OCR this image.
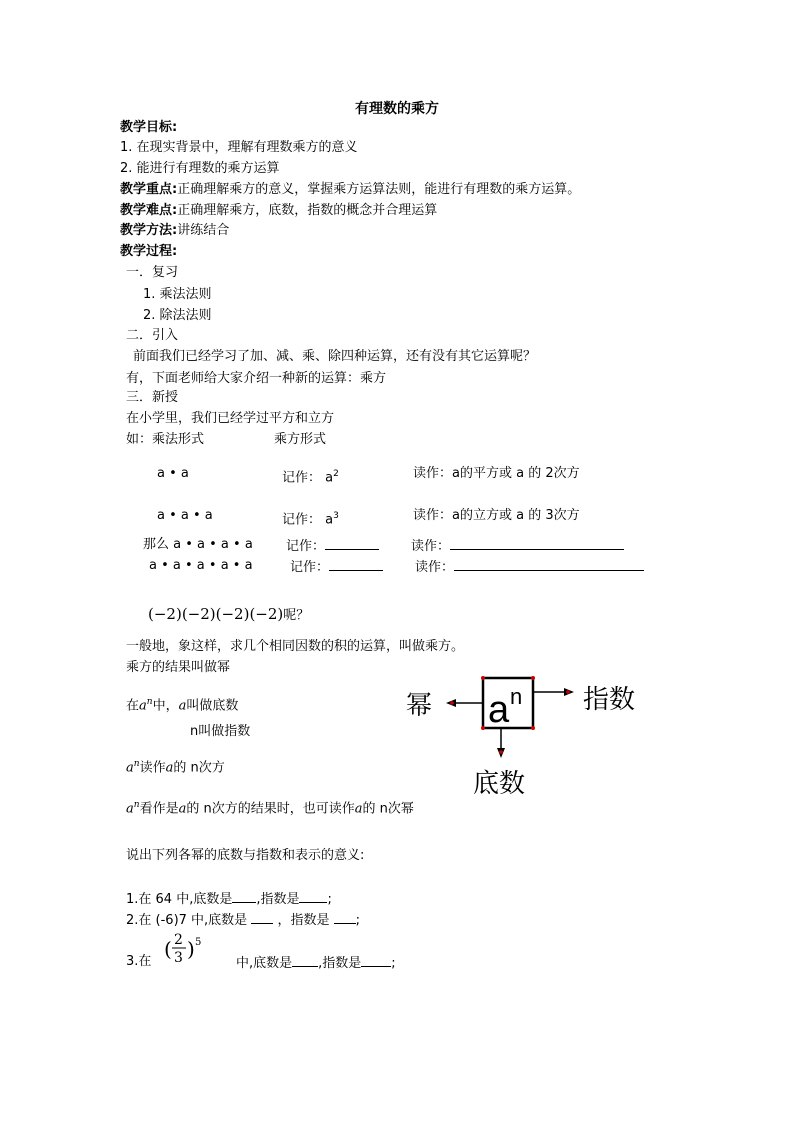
有理数的乘方
教学目标:
1. 在现实背景中，理解有理数乘方的意义
2. 能进行有理数的乘方运算
教学重点:正确理解乘方的意义，掌握乘方运算法则，能进行有理数的乘方运算。
教学难点:正确理解乘方，底数，指数的概念并合理运算
教学方法:讲练结合
教学过程:
一．复习
1. 乘法法则
2. 除法法则
二．引入
前面我们已经学习了加、减、乘、除四种运算，还有没有其它运算呢？
有，下面老师给大家介绍一种新的运算：乘方
三．新授
在小学里，我们已经学过平方和立方
如：乘法形式	乘方形式
a • a	记作： $a^2$	读作：a的平方或 a 的 2次方
a • a • a	记作： $a^3$	读作：a的立方或 a 的 3次方
那么 a • a • a • a	记作：	读作：
a • a • a • a • a	记作：	读作：
(−2)(−2)(−2)(−2)呢？
一般地，象这样，求几个相同因数的积的运算，叫做乘方。
乘方的结果叫做幂
在$a^n$中，a叫做底数
n叫做指数
$a^n$读作a的 n次方
$a^n$看作是a的 n次方的结果时，也可读作a的 n次幂
a n
幂	指数
底数
说出下列各幂的底数与指数和表示的意义:
1.在 64 中,底数是 ,指数是 ;
2.在 (-6)7 中,底数是  ，指数是 ;
3.在
( 2
3 ) 5
中,底数是 ,指数是 ;
